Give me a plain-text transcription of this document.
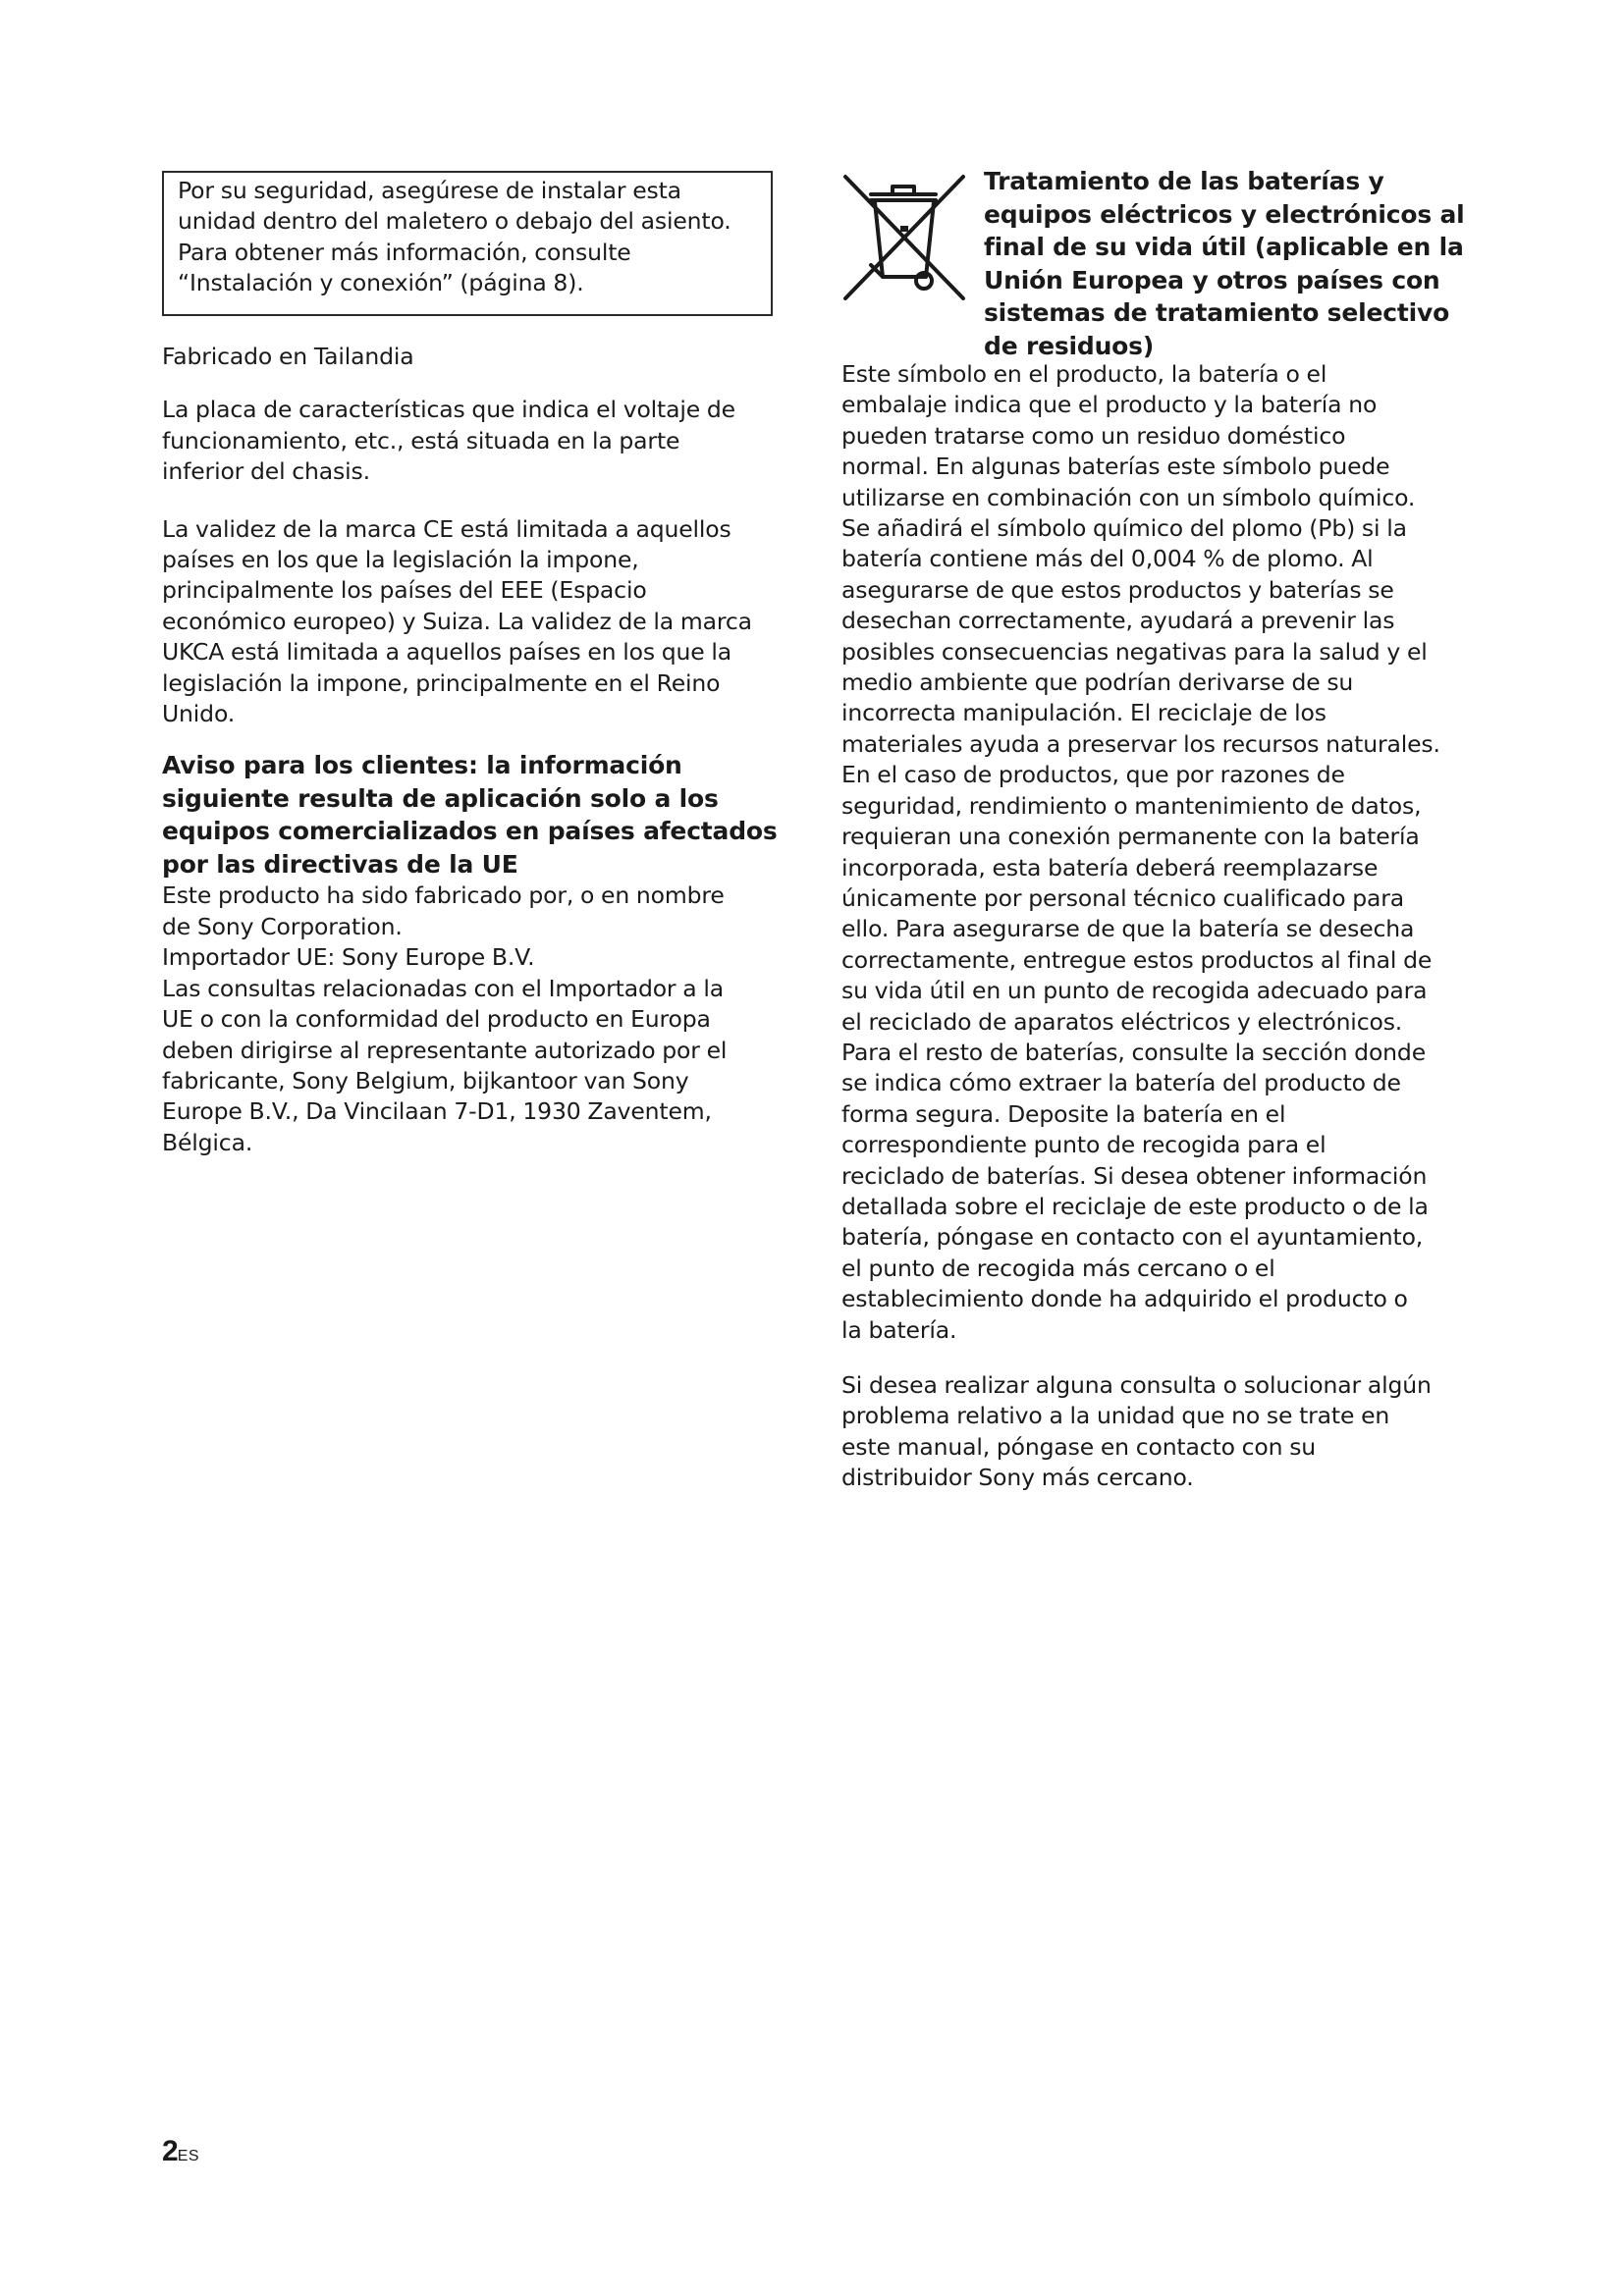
Por su seguridad, asegúrese de instalar esta
unidad dentro del maletero o debajo del asiento.
Para obtener más información, consulte
“Instalación y conexión” (página 8).

Fabricado en Tailandia

La placa de características que indica el voltaje de
funcionamiento, etc., está situada en la parte
inferior del chasis.

La validez de la marca CE está limitada a aquellos
países en los que la legislación la impone,
principalmente los países del EEE (Espacio
económico europeo) y Suiza. La validez de la marca
UKCA está limitada a aquellos países en los que la
legislación la impone, principalmente en el Reino
Unido.

Aviso para los clientes: la información
siguiente resulta de aplicación solo a los
equipos comercializados en países afectados
por las directivas de la UE

Este producto ha sido fabricado por, o en nombre
de Sony Corporation.
Importador UE: Sony Europe B.V.
Las consultas relacionadas con el Importador a la
UE o con la conformidad del producto en Europa
deben dirigirse al representante autorizado por el
fabricante, Sony Belgium, bijkantoor van Sony
Europe B.V., Da Vincilaan 7-D1, 1930 Zaventem,
Bélgica.

Tratamiento de las baterías y
equipos eléctricos y electrónicos al
final de su vida útil (aplicable en la
Unión Europea y otros países con
sistemas de tratamiento selectivo
de residuos)

Este símbolo en el producto, la batería o el
embalaje indica que el producto y la batería no
pueden tratarse como un residuo doméstico
normal. En algunas baterías este símbolo puede
utilizarse en combinación con un símbolo químico.
Se añadirá el símbolo químico del plomo (Pb) si la
batería contiene más del 0,004 % de plomo. Al
asegurarse de que estos productos y baterías se
desechan correctamente, ayudará a prevenir las
posibles consecuencias negativas para la salud y el
medio ambiente que podrían derivarse de su
incorrecta manipulación. El reciclaje de los
materiales ayuda a preservar los recursos naturales.
En el caso de productos, que por razones de
seguridad, rendimiento o mantenimiento de datos,
requieran una conexión permanente con la batería
incorporada, esta batería deberá reemplazarse
únicamente por personal técnico cualificado para
ello. Para asegurarse de que la batería se desecha
correctamente, entregue estos productos al final de
su vida útil en un punto de recogida adecuado para
el reciclado de aparatos eléctricos y electrónicos.
Para el resto de baterías, consulte la sección donde
se indica cómo extraer la batería del producto de
forma segura. Deposite la batería en el
correspondiente punto de recogida para el
reciclado de baterías. Si desea obtener información
detallada sobre el reciclaje de este producto o de la
batería, póngase en contacto con el ayuntamiento,
el punto de recogida más cercano o el
establecimiento donde ha adquirido el producto o
la batería.

Si desea realizar alguna consulta o solucionar algún
problema relativo a la unidad que no se trate en
este manual, póngase en contacto con su
distribuidor Sony más cercano.

2ES
